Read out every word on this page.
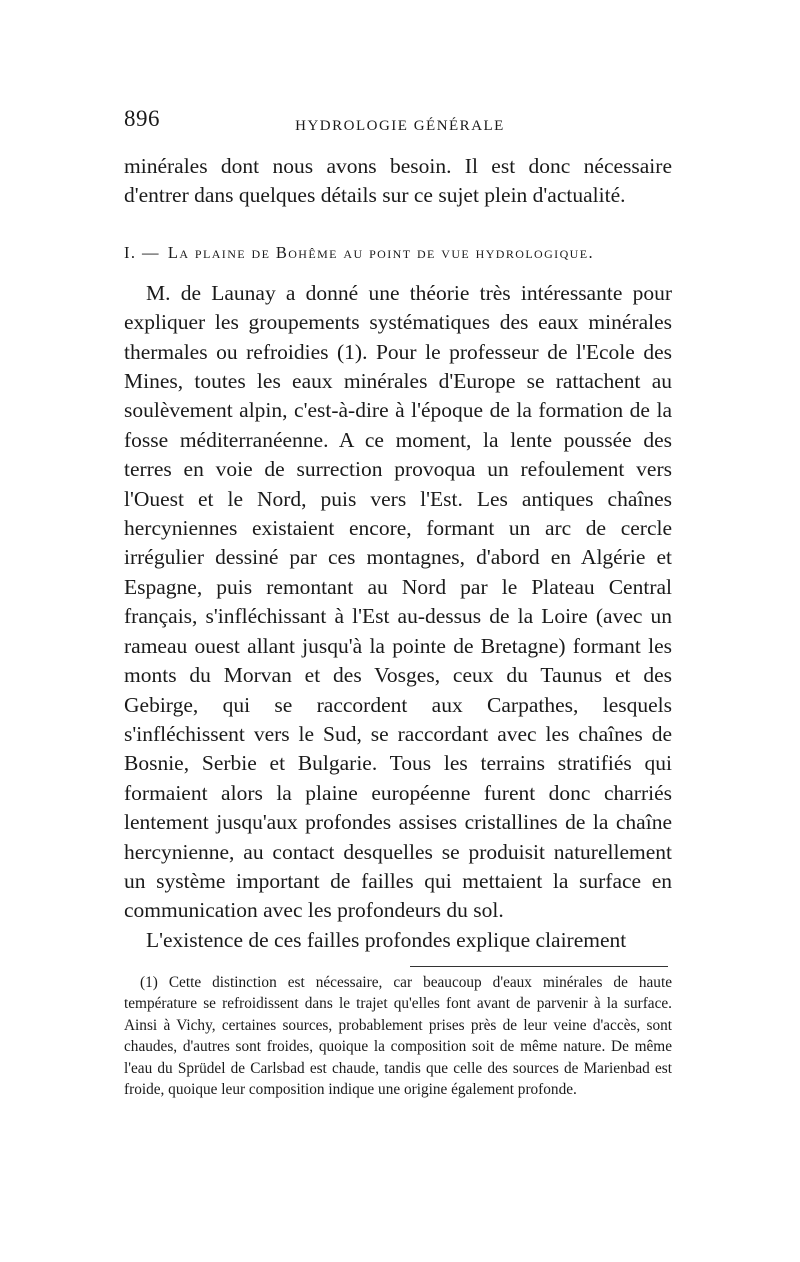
896	HYDROLOGIE GÉNÉRALE

minérales dont nous avons besoin. Il est donc nécessaire d'entrer dans quelques détails sur ce sujet plein d'actualité.

I. — La plaine de Bohême au point de vue hydrologique.

M. de Launay a donné une théorie très intéressante pour expliquer les groupements systématiques des eaux minérales thermales ou refroidies (1). Pour le professeur de l'Ecole des Mines, toutes les eaux minérales d'Europe se rattachent au soulèvement alpin, c'est-à-dire à l'époque de la formation de la fosse méditerranéenne. A ce moment, la lente poussée des terres en voie de surrection provoqua un refoulement vers l'Ouest et le Nord, puis vers l'Est. Les antiques chaînes hercyniennes existaient encore, formant un arc de cercle irrégulier dessiné par ces montagnes, d'abord en Algérie et Espagne, puis remontant au Nord par le Plateau Central français, s'infléchissant à l'Est au-dessus de la Loire (avec un rameau ouest allant jusqu'à la pointe de Bretagne) formant les monts du Morvan et des Vosges, ceux du Taunus et des Gebirge, qui se raccordent aux Carpathes, lesquels s'infléchissent vers le Sud, se raccordant avec les chaînes de Bosnie, Serbie et Bulgarie. Tous les terrains stratifiés qui formaient alors la plaine européenne furent donc charriés lentement jusqu'aux profondes assises cristallines de la chaîne hercynienne, au contact desquelles se produisit naturellement un système important de failles qui mettaient la surface en communication avec les profondeurs du sol.

L'existence de ces failles profondes explique clairement

(1) Cette distinction est nécessaire, car beaucoup d'eaux minérales de haute température se refroidissent dans le trajet qu'elles font avant de parvenir à la surface. Ainsi à Vichy, certaines sources, probablement prises près de leur veine d'accès, sont chaudes, d'autres sont froides, quoique la composition soit de même nature. De même l'eau du Sprüdel de Carlsbad est chaude, tandis que celle des sources de Marienbad est froide, quoique leur composition indique une origine également profonde.
